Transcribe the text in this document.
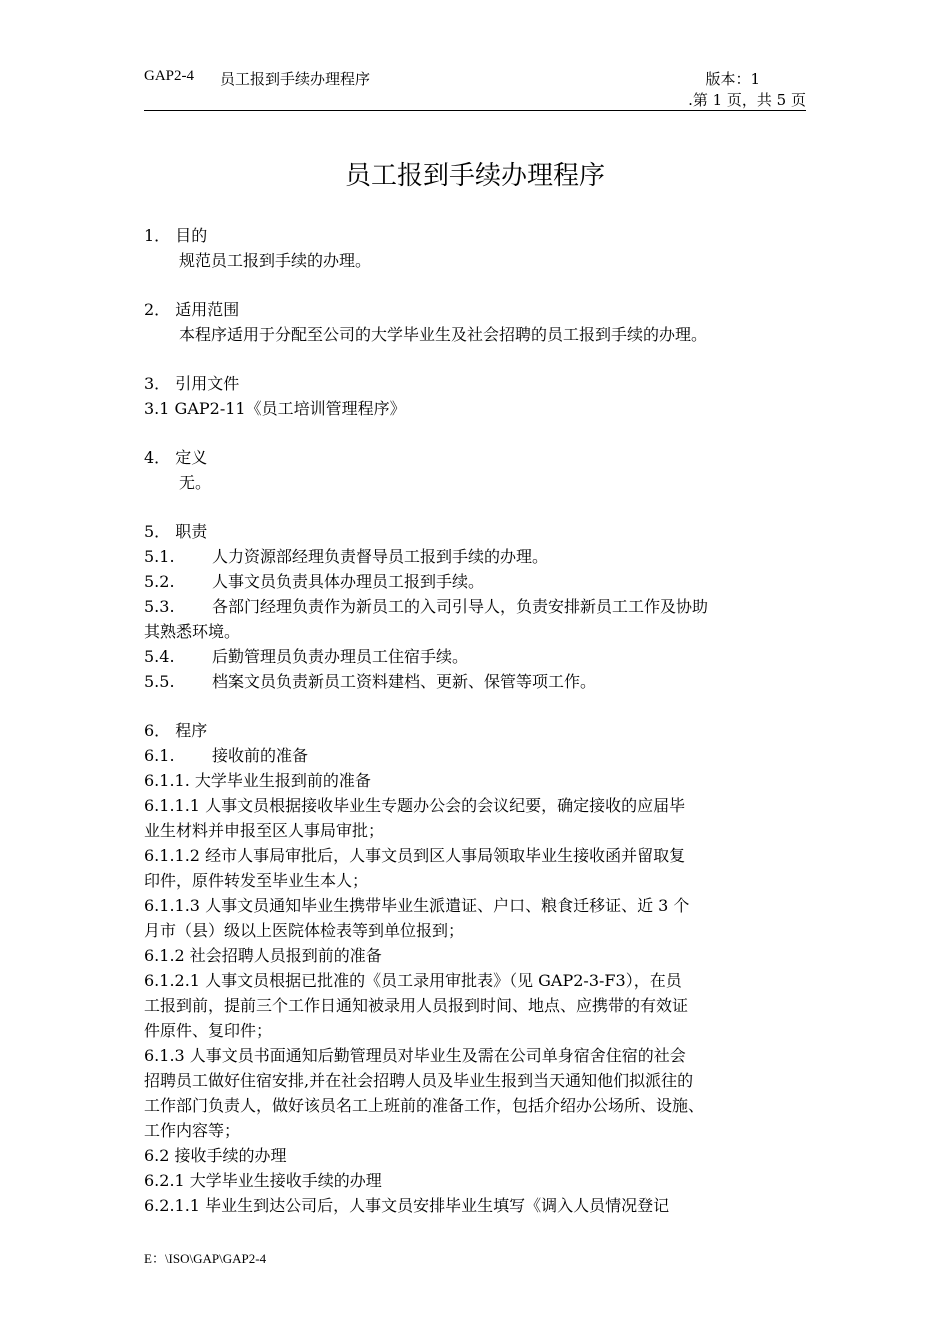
GAP2-4 员工报到手续办理程序	版本：1
.第 1 页，共 5 页
员工报到手续办理程序
1． 目的
规范员工报到手续的办理。
2． 适用范围
本程序适用于分配至公司的大学毕业生及社会招聘的员工报到手续的办理。
3． 引用文件
3.1 GAP2-11《员工培训管理程序》
4． 定义
无。
5． 职责
5.1. 人力资源部经理负责督导员工报到手续的办理。
5.2. 人事文员负责具体办理员工报到手续。
5.3. 各部门经理负责作为新员工的入司引导人，负责安排新员工工作及协助
其熟悉环境。
5.4. 后勤管理员负责办理员工住宿手续。
5.5. 档案文员负责新员工资料建档、更新、保管等项工作。
6． 程序
6.1. 接收前的准备
6.1.1. 大学毕业生报到前的准备
6.1.1.1 人事文员根据接收毕业生专题办公会的会议纪要，确定接收的应届毕
业生材料并申报至区人事局审批；
6.1.1.2 经市人事局审批后，人事文员到区人事局领取毕业生接收函并留取复
印件，原件转发至毕业生本人；
6.1.1.3 人事文员通知毕业生携带毕业生派遣证、户口、粮食迁移证、近 3 个
月市（县）级以上医院体检表等到单位报到；
6.1.2 社会招聘人员报到前的准备
6.1.2.1 人事文员根据已批准的《员工录用审批表》（见 GAP2-3-F3），在员
工报到前，提前三个工作日通知被录用人员报到时间、地点、应携带的有效证
件原件、复印件；
6.1.3 人事文员书面通知后勤管理员对毕业生及需在公司单身宿舍住宿的社会
招聘员工做好住宿安排,并在社会招聘人员及毕业生报到当天通知他们拟派往的
工作部门负责人，做好该员名工上班前的准备工作，包括介绍办公场所、设施、
工作内容等；
6.2 接收手续的办理
6.2.1 大学毕业生接收手续的办理
6.2.1.1 毕业生到达公司后，人事文员安排毕业生填写《调入人员情况登记
E：\ISO\GAP\GAP2-4
